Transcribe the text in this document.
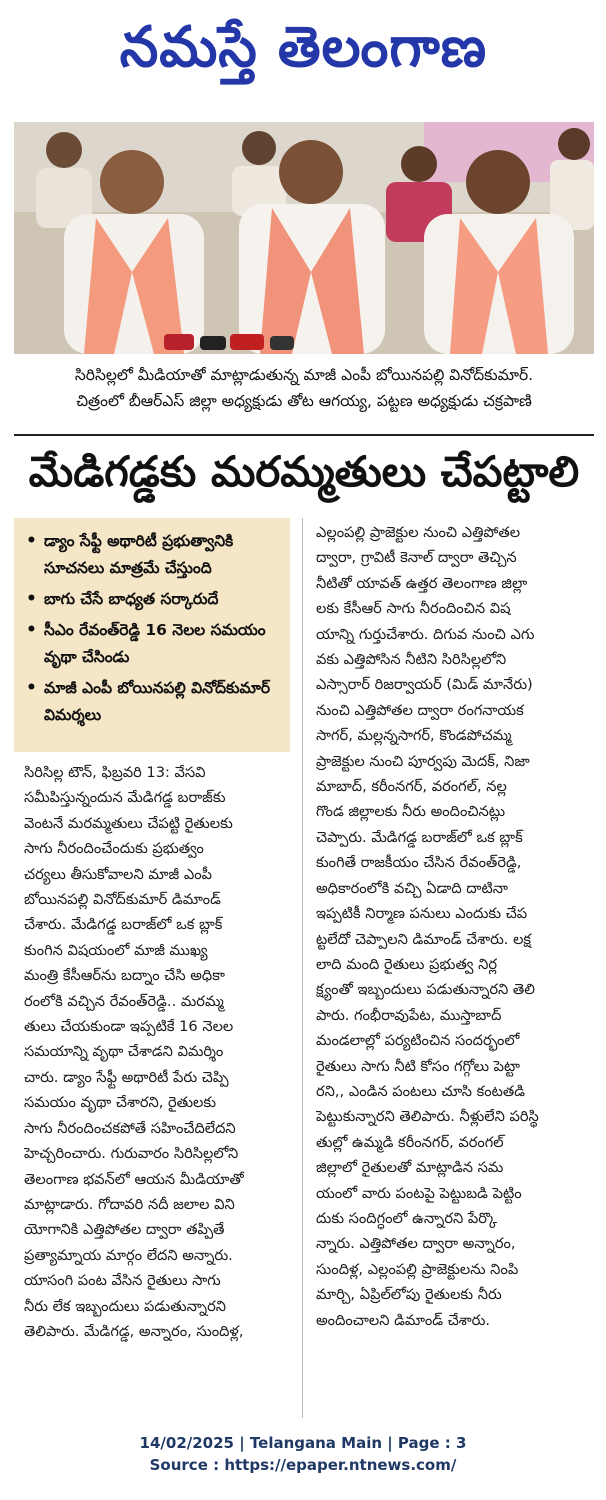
నమస్తే తెలంగాణ
సిరిసిల్లలో మీడియాతో మాట్లాడుతున్న మాజీ ఎంపీ బోయినపల్లి వినోద్‌కుమార్.
చిత్రంలో బీఆర్‌ఎస్ జిల్లా అధ్యక్షుడు తోట ఆగయ్య, పట్టణ అధ్యక్షుడు చక్రపాణి
మేడిగడ్డకు మరమ్మతులు చేపట్టాలి
• డ్యాం సేఫ్టీ అథారిటీ ప్రభుత్వానికి సూచనలు మాత్రమే చేస్తుంది
• బాగు చేసే బాధ్యత సర్కారుదే
• సీఎం రేవంత్‌రెడ్డి 16 నెలల సమయం వృథా చేసిండు
• మాజీ ఎంపీ బోయినపల్లి వినోద్‌కుమార్ విమర్శలు
సిరిసిల్ల టౌన్, ఫిబ్రవరి 13: వేసవి
సమీపిస్తున్నందున మేడిగడ్డ బరాజ్‌కు
వెంటనే మరమ్మతులు చేపట్టి రైతులకు
సాగు నీరందించేందుకు ప్రభుత్వం
చర్యలు తీసుకోవాలని మాజీ ఎంపీ
బోయినపల్లి వినోద్‌కుమార్ డిమాండ్
చేశారు. మేడిగడ్డ బరాజ్‌లో ఒక బ్లాక్
కుంగిన విషయంలో మాజీ ముఖ్య
మంత్రి కేసీఆర్‌ను బద్నాం చేసి అధికా
రంలోకి వచ్చిన రేవంత్‌రెడ్డి.. మరమ్మ
తులు చేయకుండా ఇప్పటికే 16 నెలల
సమయాన్ని వృథా చేశాడని విమర్శిం
చారు. డ్యాం సేఫ్టీ అథారిటీ పేరు చెప్పి
సమయం వృథా చేశారని, రైతులకు
సాగు నీరందించకపోతే సహించేదిలేదని
హెచ్చరించారు. గురువారం సిరిసిల్లలోని
తెలంగాణ భవన్‌లో ఆయన మీడియాతో
మాట్లాడారు. గోదావరి నదీ జలాల విని
యోగానికి ఎత్తిపోతల ద్వారా తప్పితే
ప్రత్యామ్నాయ మార్గం లేదని అన్నారు.
యాసంగి పంట వేసిన రైతులు సాగు
నీరు లేక ఇబ్బందులు పడుతున్నారని
తెలిపారు. మేడిగడ్డ, అన్నారం, సుందిళ్ల,
ఎల్లంపల్లి ప్రాజెక్టుల నుంచి ఎత్తిపోతల
ద్వారా, గ్రావిటీ కెనాల్ ద్వారా తెచ్చిన
నీటితో యావత్ ఉత్తర తెలంగాణ జిల్లా
లకు కేసీఆర్ సాగు నీరందించిన విష
యాన్ని గుర్తుచేశారు. దిగువ నుంచి ఎగు
వకు ఎత్తిపోసిన నీటిని సిరిసిల్లలోని
ఎస్సారార్ రిజర్వాయర్ (మిడ్ మానేరు)
నుంచి ఎత్తిపోతల ద్వారా రంగనాయక
సాగర్, మల్లన్నసాగర్, కొండపోచమ్మ
ప్రాజెక్టుల నుంచి పూర్వపు మెదక్, నిజా
మాబాద్, కరీంనగర్, వరంగల్, నల్ల
గొండ జిల్లాలకు నీరు అందించినట్లు
చెప్పారు. మేడిగడ్డ బరాజ్‌లో ఒక బ్లాక్
కుంగితే రాజకీయం చేసిన రేవంత్‌రెడ్డి,
అధికారంలోకి వచ్చి ఏడాది దాటినా
ఇప్పటికీ నిర్మాణ పనులు ఎందుకు చేప
ట్టలేదో చెప్పాలని డిమాండ్ చేశారు. లక్ష
లాది మంది రైతులు ప్రభుత్వ నిర్ల
క్ష్యంతో ఇబ్బందులు పడుతున్నారని తెలి
పారు. గంభీరావుపేట, ముస్తాబాద్
మండలాల్లో పర్యటించిన సందర్భంలో
రైతులు సాగు నీటి కోసం గగ్గోలు పెట్టా
రని,, ఎండిన పంటలు చూసి కంటతడి
పెట్టుకున్నారని తెలిపారు. నీళ్లులేని పరిస్థి
తుల్లో ఉమ్మడి కరీంనగర్, వరంగల్
జిల్లాలో రైతులతో మాట్లాడిన సమ
యంలో వారు పంటపై పెట్టుబడి పెట్టిం
దుకు సందిగ్ధంలో ఉన్నారని పేర్కొ
న్నారు. ఎత్తిపోతల ద్వారా అన్నారం,
సుందిళ్ల, ఎల్లంపల్లి ప్రాజెక్టులను నింపి
మార్చి, ఏప్రిల్‌లోపు రైతులకు నీరు
అందించాలని డిమాండ్ చేశారు.
14/02/2025 | Telangana Main | Page : 3
Source : https://epaper.ntnews.com/
